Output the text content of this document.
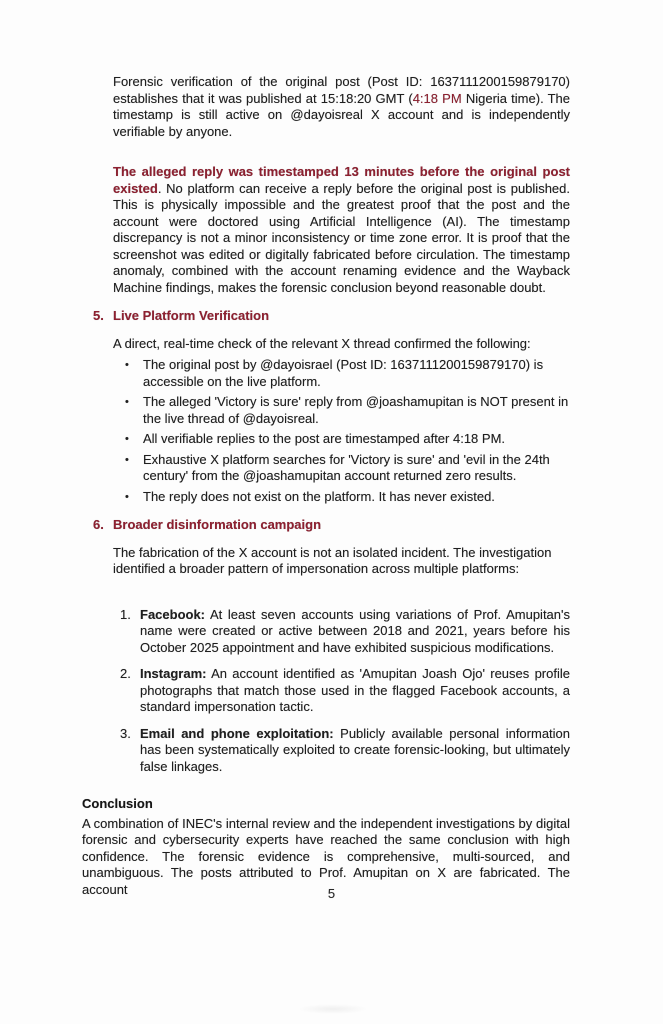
Forensic verification of the original post (Post ID: 1637111200159879170) establishes that it was published at 15:18:20 GMT (4:18 PM Nigeria time). The timestamp is still active on @dayoisreal X account and is independently verifiable by anyone.

The alleged reply was timestamped 13 minutes before the original post existed. No platform can receive a reply before the original post is published. This is physically impossible and the greatest proof that the post and the account were doctored using Artificial Intelligence (AI). The timestamp discrepancy is not a minor inconsistency or time zone error. It is proof that the screenshot was edited or digitally fabricated before circulation. The timestamp anomaly, combined with the account renaming evidence and the Wayback Machine findings, makes the forensic conclusion beyond reasonable doubt.

5. Live Platform Verification

A direct, real-time check of the relevant X thread confirmed the following:

•	The original post by @dayoisrael (Post ID: 1637111200159879170) is accessible on the live platform.
•	The alleged 'Victory is sure' reply from @joashamupitan is NOT present in the live thread of @dayoisreal.
•	All verifiable replies to the post are timestamped after 4:18 PM.
•	Exhaustive X platform searches for 'Victory is sure' and 'evil in the 24th century' from the @joashamupitan account returned zero results.
•	The reply does not exist on the platform. It has never existed.
6. Broader disinformation campaign

The fabrication of the X account is not an isolated incident. The investigation identified a broader pattern of impersonation across multiple platforms:

1. Facebook: At least seven accounts using variations of Prof. Amupitan's name were created or active between 2018 and 2021, years before his October 2025 appointment and have exhibited suspicious modifications.
2. Instagram: An account identified as 'Amupitan Joash Ojo' reuses profile photographs that match those used in the flagged Facebook accounts, a standard impersonation tactic.
3. Email and phone exploitation: Publicly available personal information has been systematically exploited to create forensic-looking, but ultimately false linkages.
Conclusion

A combination of INEC's internal review and the independent investigations by digital forensic and cybersecurity experts have reached the same conclusion with high confidence. The forensic evidence is comprehensive, multi-sourced, and unambiguous. The posts attributed to Prof. Amupitan on X are fabricated. The account	5
